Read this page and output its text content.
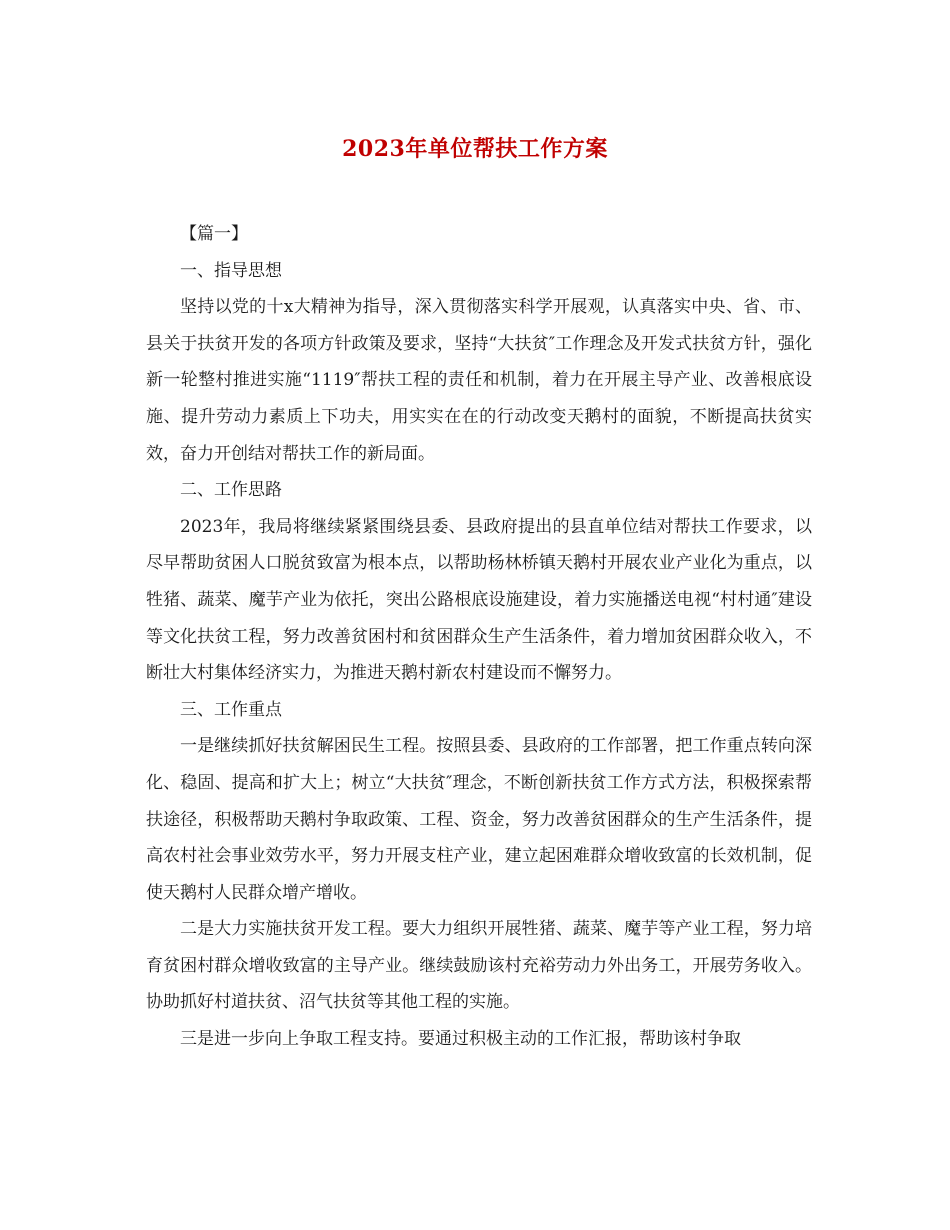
2023年单位帮扶工作方案

【篇一】

一、指导思想

坚持以党的十x大精神为指导，深入贯彻落实科学开展观，认真落实中央、省、市、县关于扶贫开发的各项方针政策及要求，坚持“大扶贫″工作理念及开发式扶贫方针，强化新一轮整村推进实施“1119″帮扶工程的责任和机制，着力在开展主导产业、改善根底设施、提升劳动力素质上下功夫，用实实在在的行动改变天鹅村的面貌，不断提高扶贫实效，奋力开创结对帮扶工作的新局面。

二、工作思路

2023年，我局将继续紧紧围绕县委、县政府提出的县直单位结对帮扶工作要求，以尽早帮助贫困人口脱贫致富为根本点，以帮助杨林桥镇天鹅村开展农业产业化为重点，以牲猪、蔬菜、魔芋产业为依托，突出公路根底设施建设，着力实施播送电视“村村通″建设等文化扶贫工程，努力改善贫困村和贫困群众生产生活条件，着力增加贫困群众收入，不断壮大村集体经济实力，为推进天鹅村新农村建设而不懈努力。

三、工作重点

一是继续抓好扶贫解困民生工程。按照县委、县政府的工作部署，把工作重点转向深化、稳固、提高和扩大上；树立“大扶贫″理念，不断创新扶贫工作方式方法，积极探索帮扶途径，积极帮助天鹅村争取政策、工程、资金，努力改善贫困群众的生产生活条件，提高农村社会事业效劳水平，努力开展支柱产业，建立起困难群众增收致富的长效机制，促使天鹅村人民群众增产增收。

二是大力实施扶贫开发工程。要大力组织开展牲猪、蔬菜、魔芋等产业工程，努力培育贫困村群众增收致富的主导产业。继续鼓励该村充裕劳动力外出务工，开展劳务收入。协助抓好村道扶贫、沼气扶贫等其他工程的实施。

三是进一步向上争取工程支持。要通过积极主动的工作汇报，帮助该村争取
